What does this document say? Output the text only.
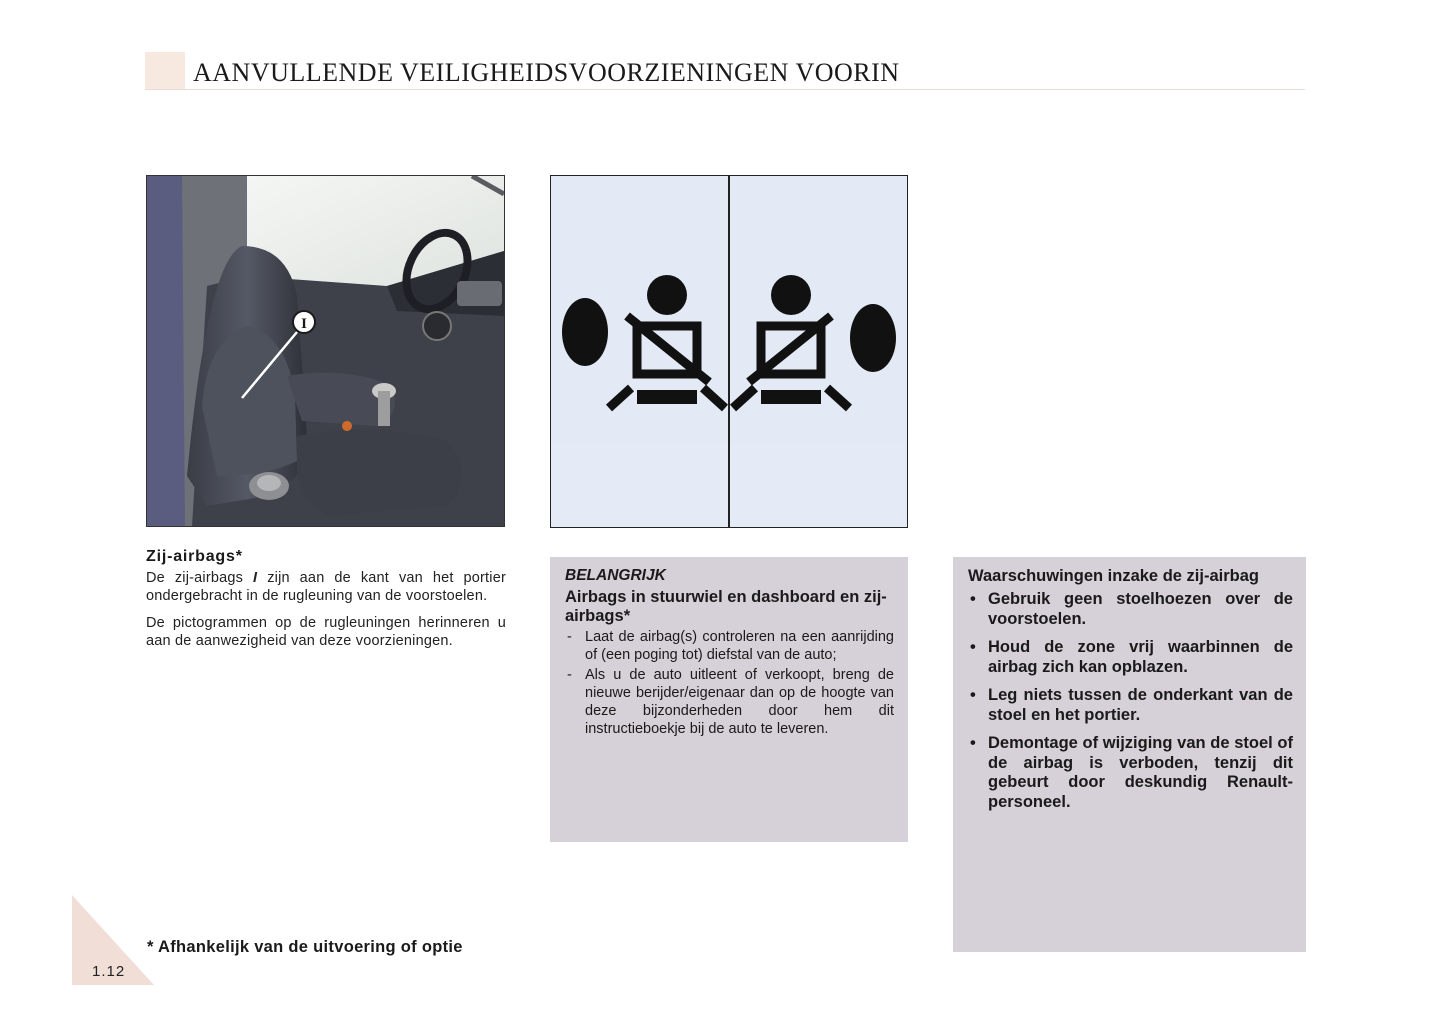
AANVULLENDE VEILIGHEIDSVOORZIENINGEN VOORIN
I
Zij-airbags*

De zij-airbags I zijn aan de kant van het portier ondergebracht in de rugleuning van de voorstoelen.

De pictogrammen op de rugleuningen herinneren u aan de aanwezigheid van deze voorzieningen.

BELANGRIJK

Airbags in stuurwiel en dashboard en zij-airbags*

- Laat de airbag(s) controleren na een aanrijding of (een poging tot) diefstal van de auto;
- Als u de auto uitleent of verkoopt, breng de nieuwe berijder/eigenaar dan op de hoogte van deze bijzonderheden door hem dit instructieboekje bij de auto te leveren.

Waarschuwingen inzake de zij-airbag

• Gebruik geen stoelhoezen over de voorstoelen.
• Houd de zone vrij waarbinnen de airbag zich kan opblazen.
• Leg niets tussen de onderkant van de stoel en het portier.
• Demontage of wijziging van de stoel of de airbag is verboden, tenzij dit gebeurt door deskundig Renault-personeel.
1.12
* Afhankelijk van de uitvoering of optie
